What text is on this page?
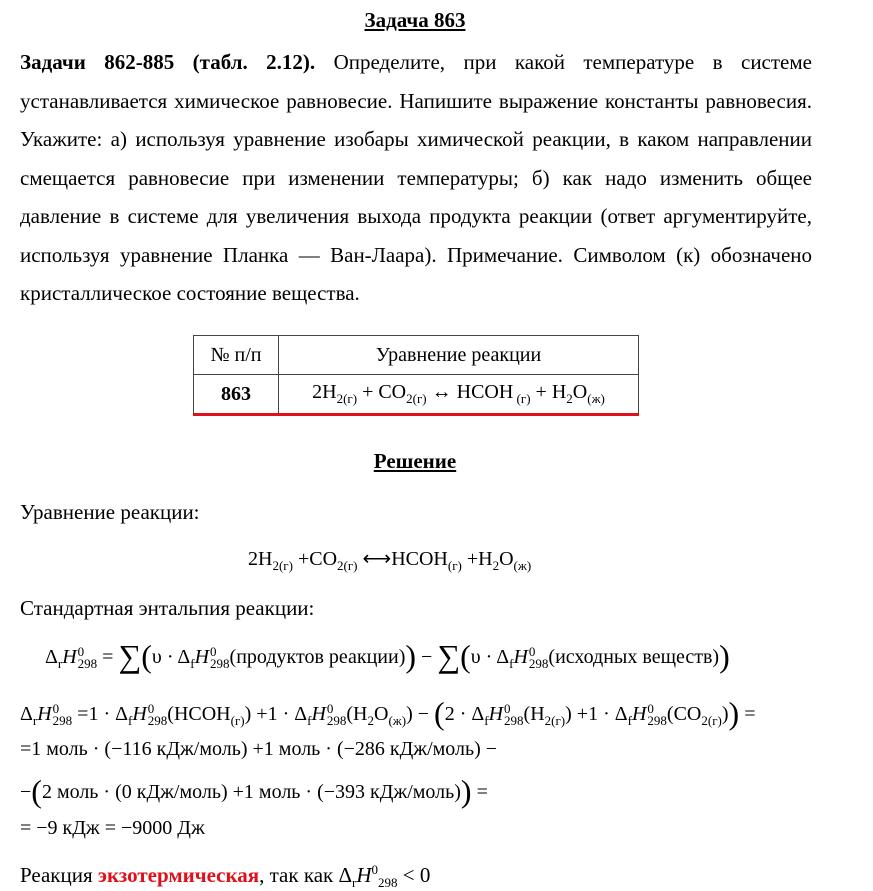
Задача 863
Задачи 862-885 (табл. 2.12). Определите, при какой температуре в системе устанавливается химическое равновесие. Напишите выражение константы равновесия. Укажите: а) используя уравнение изобары химической реакции, в каком направлении смещается равновесие при изменении температуры; б) как надо изменить общее давление в системе для увеличения выхода продукта реакции (ответ аргументируйте, используя уравнение Планка — Ван-Лаара). Примечание. Символом (к) обозначено кристаллическое состояние вещества.
№ п/п	Уравнение реакции
863	$2H_{2(г)} + CO_{2(г)}$ ↔ HCOH $_{(г)} + H_2O_{(ж)}$
Решение
Уравнение реакции:
$2H_{2(г)} +CO_{2(г)}$ $⟷HCOH_{(г)} +H_2O_{(ж)}$
Стандартная энтальпия реакции:
$\Delta_rH$ 0
$298 = \sum(\upsilon \cdot \Delta_fH$ 0
298 (продуктов реакции)) − $\sum(\upsilon \cdot \Delta_fH$ 0
298 (исходных веществ))
$\Delta_rH$ 0
$298 =1 \cdot \Delta_fH$ 0
298 $(HCOH_{(г)}) +1 \cdot \Delta_fH$ 0
298 $(H_2O_{(ж)}) - (2 \cdot \Delta_fH$ 0
298 $(H_{2(г)}) +1 \cdot \Delta_fH$ 0
298 $(CO_{2(г)})$) =
=1 моль · (−116 кДж/моль) +1 моль · (−286 кДж/моль) −
−(2 моль · (0 кДж/моль) +1 моль · (−393 кДж/моль)) =
= −9 кДж = −9000 Дж
Реакция экзотермическая, так как $\Delta_rH^0_{298} < 0$
